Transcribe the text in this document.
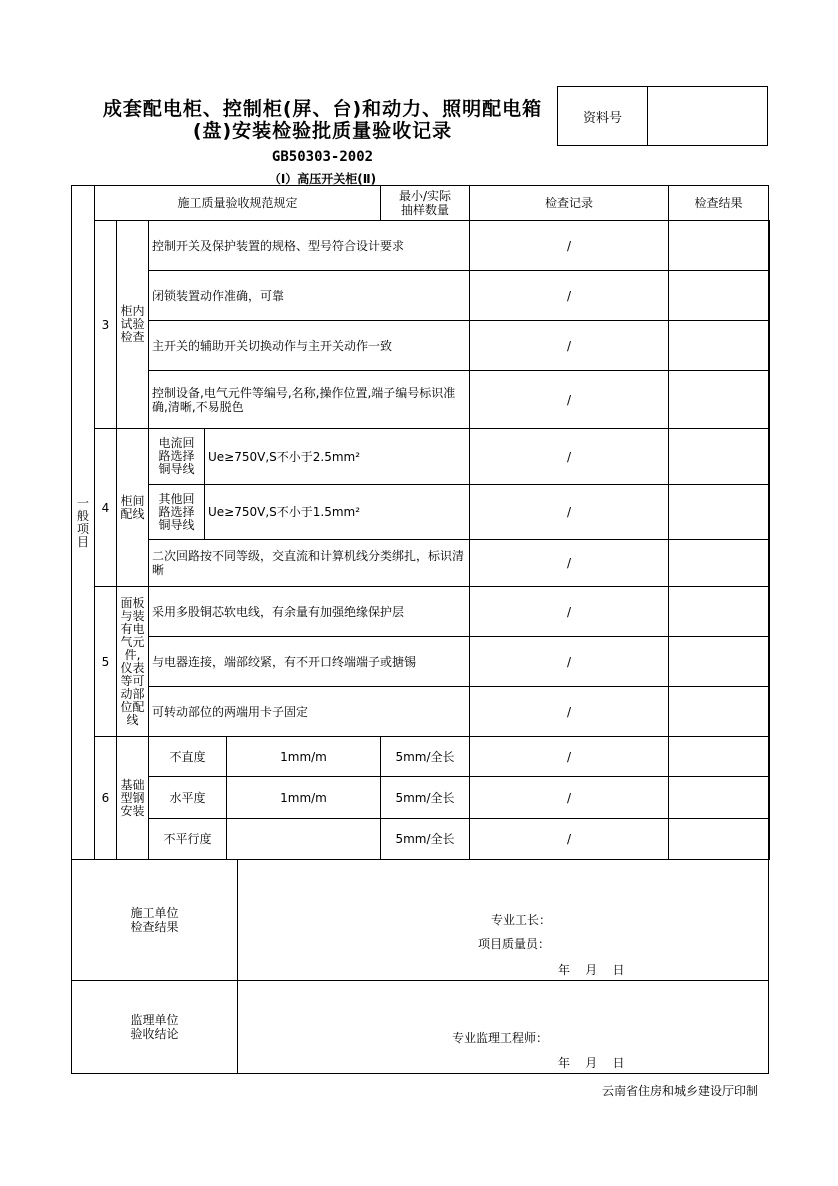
成套配电柜、控制柜(屏、台)和动力、照明配电箱
(盘)安装检验批质量验收记录
资料号
GB50303-2002
（Ⅰ）高压开关柜(Ⅱ)
一般项目	施工质量验收规范规定					最小/实际抽样数量	检查记录	检查结果	
	3	柜内试验检查	控制开关及保护装置的规格、型号符合设计要求				/		
			闭锁装置动作准确，可靠				/		
			主开关的辅助开关切换动作与主开关动作一致				/		
			控制设备,电气元件等编号,名称,操作位置,端子编号标识准确,清晰,不易脱色				/		
	4	柜间配线	电流回路选择铜导线	Ue≥750V,S不小于2.5mm²			/		

			其他回路选择铜导线	Ue≥750V,S不小于1.5mm²			/		
			二次回路按不同等级，交直流和计算机线分类绑扎，标识清晰				/		
	5	面板与装有电气元件,仪表等可动部位配线	采用多股铜芯软电线，有余量有加强绝缘保护层				/		
			与电器连接，端部绞紧，有不开口终端端子或搪锡				/		
			可转动部位的两端用卡子固定				/		
	6	基础型钢安装	不直度		1mm/m	5mm/全长	/		
			水平度		1mm/m	5mm/全长	/		
			不平行度			5mm/全长	/		
施工单位检查结果	

监理单位验收结论	

专业工长：
项目质量员：
年    月    日
专业监理工程师：
年    月    日
云南省住房和城乡建设厅印制
